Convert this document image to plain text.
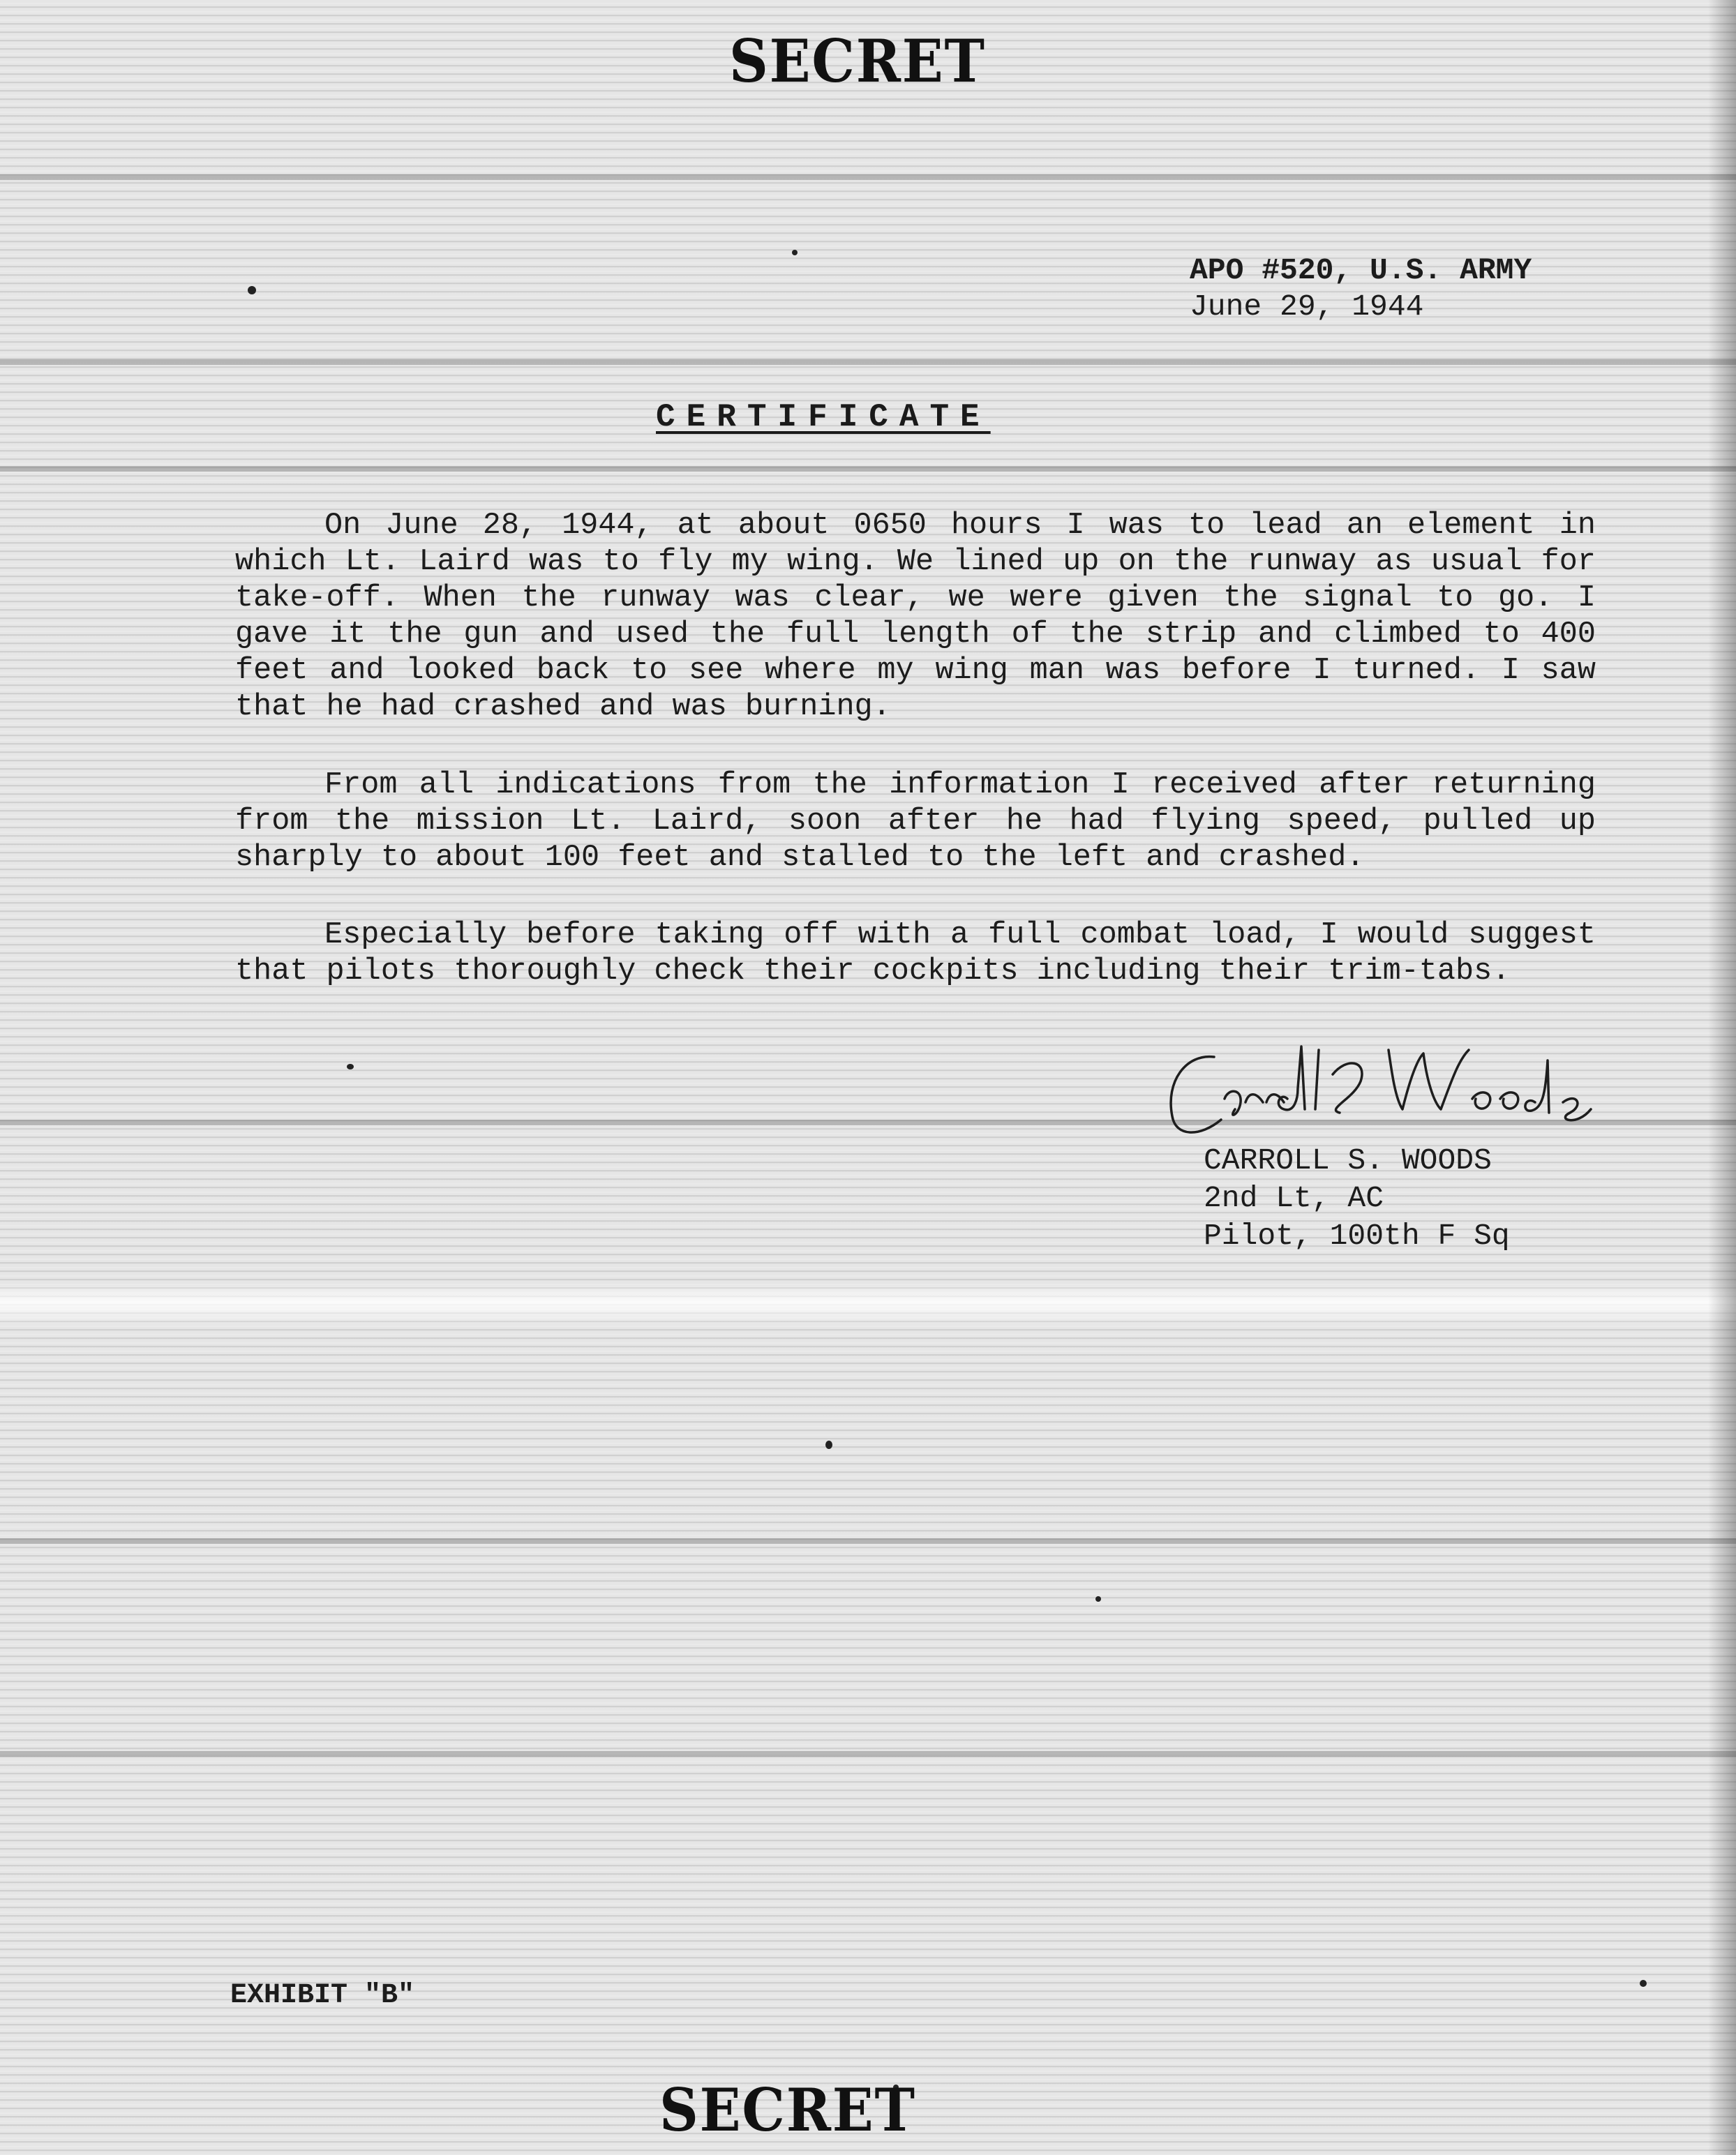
SECRET
APO #520, U.S. ARMY
June 29, 1944
CERTIFICATE
On June 28, 1944, at about 0650 hours I was to lead an element in which Lt. Laird was to fly my wing. We lined up on the runway as usual for take-off. When the runway was clear, we were given the signal to go. I gave it the gun and used the full length of the strip and climbed to 400 feet and looked back to see where my wing man was before I turned. I saw that he had crashed and was burning.
From all indications from the information I received after returning from the mission Lt. Laird, soon after he had flying speed, pulled up sharply to about 100 feet and stalled to the left and crashed.
Especially before taking off with a full combat load, I would suggest that pilots thoroughly check their cockpits including their trim-tabs.
CARROLL S. WOODS
2nd Lt, AC
Pilot, 100th F Sq
EXHIBIT "B"
SECRET
